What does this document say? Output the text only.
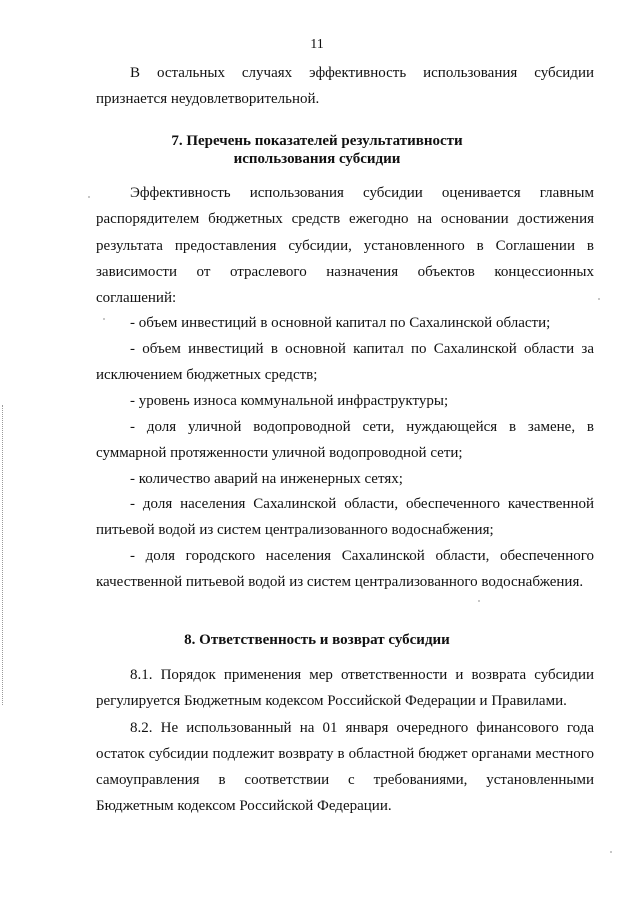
11
В остальных случаях эффективность использования субсидии
признается неудовлетворительной.
7. Перечень показателей результативности
использования субсидии
Эффективность использования субсидии оценивается главным
распорядителем бюджетных средств ежегодно на основании достижения
результата предоставления субсидии, установленного в Соглашении в
зависимости от отраслевого назначения объектов концессионных
соглашений:
- объем инвестиций в основной капитал по Сахалинской области;
- объем инвестиций в основной капитал по Сахалинской области за
исключением бюджетных средств;
- уровень износа коммунальной инфраструктуры;
- доля уличной водопроводной сети, нуждающейся в замене, в
суммарной протяженности уличной водопроводной сети;
- количество аварий на инженерных сетях;
- доля населения Сахалинской области, обеспеченного качественной
питьевой водой из систем централизованного водоснабжения;
- доля городского населения Сахалинской области, обеспеченного
качественной питьевой водой из систем централизованного водоснабжения.
8. Ответственность и возврат субсидии
8.1. Порядок применения мер ответственности и возврата субсидии
регулируется Бюджетным кодексом Российской Федерации и Правилами.
8.2. Не использованный на 01 января очередного финансового года
остаток субсидии подлежит возврату в областной бюджет органами местного
самоуправления в соответствии с требованиями, установленными
Бюджетным кодексом Российской Федерации.
